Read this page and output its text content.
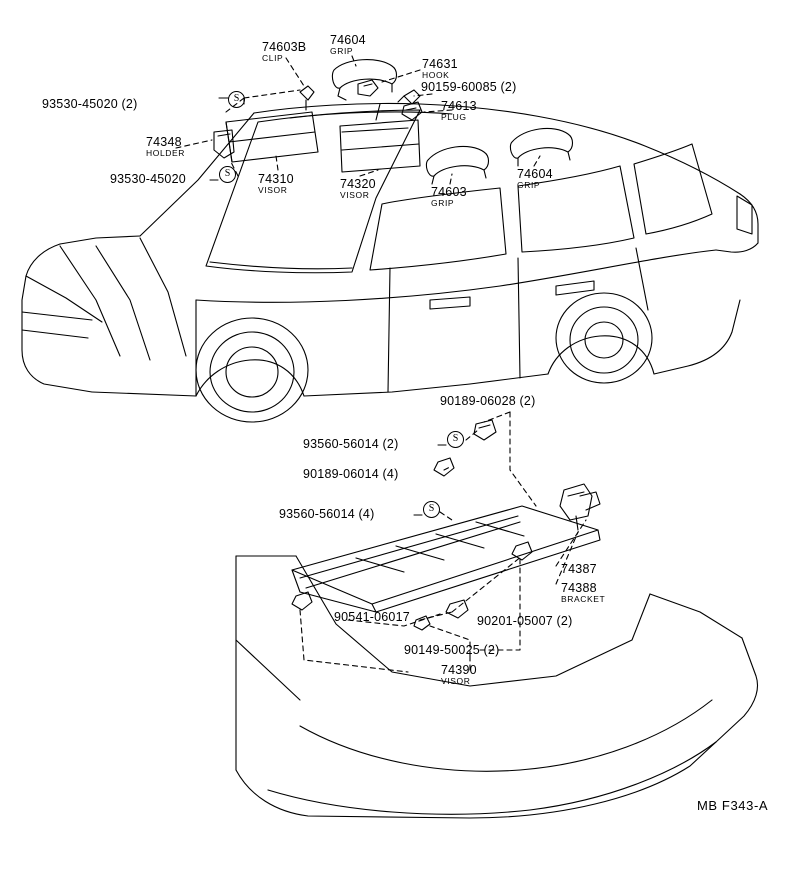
93530-45020 (2)
74603B
CLIP
74604
GRIP
74631
HOOK
90159-60085 (2)
74613
PLUG
74348
HOLDER
93530-45020	74310
VISOR	74320
VISOR	74603
GRIP
74604
GRIP
90189-06028 (2)
93560-56014 (2)
90189-06014 (4)
93560-56014 (4)
74387
74388
BRACKET
90541-06017	90201-05007 (2)
90149-50025 (2)
74390
VISOR
S
S
S
S
MB F343-A
